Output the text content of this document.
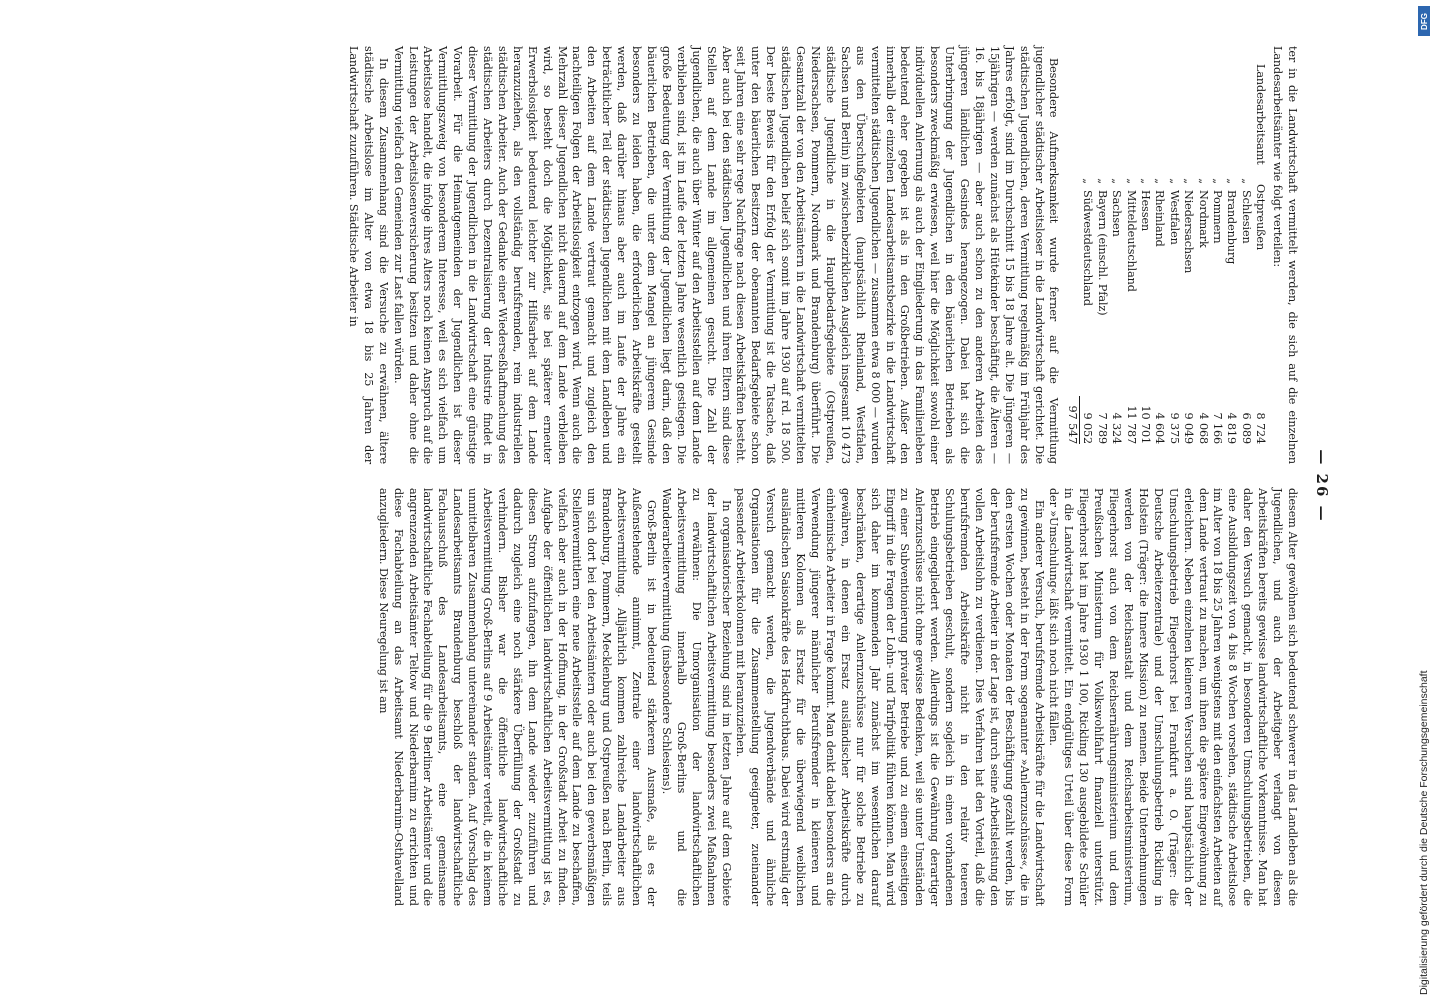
— 26 —

ter in die Landwirtschaft vermittelt werden, die sich auf die einzelnen Landesarbeitsämter wie folgt verteilen:

LandesarbeitsamtOstpreußen
8 724
„Schlesien
6 089
„Brandenburg
4 819
„Pommern
7 166
„Nordmark
4 068
„Niedersachsen
9 049
„Westfalen
9 375
„Rheinland
4 604
„Hessen
10 701
„Mitteldeutschland
11 787
„Sachsen
4 324
„Bayern (einschl. Pfalz)
7 789
„Südwestdeutschland
9 052
97 547

Besondere Aufmerksamkeit wurde ferner auf die Vermittlung jugendlicher städtischer Arbeitsloser in die Landwirtschaft gerichtet. Die städtischen Jugendlichen, deren Vermittlung regelmäßig im Frühjahr des Jahres erfolgt, sind im Durchschnitt 15 bis 18 Jahre alt. Die Jüngeren — 15jährigen — werden zunächst als Hütekinder beschäftigt, die Älteren — 16. bis 18jährigen — aber auch schon zu den anderen Arbeiten des jüngeren ländlichen Gesindes herangezogen. Dabei hat sich die Unterbringung der Jugendlichen in den bäuerlichen Betrieben als besonders zweckmäßig erwiesen, weil hier die Möglichkeit sowohl einer individuellen Anlernung als auch der Eingliederung in das Familienleben bedeutend eher gegeben ist als in den Großbetrieben. Außer den innerhalb der einzelnen Landesarbeitsamtsbezirke in die Landwirtschaft vermittelten städtischen Jugendlichen — zusammen etwa 8 000 — wurden aus den Überschußgebieten (hauptsächlich Rheinland, Westfalen, Sachsen und Berlin) im zwischenbezirklichen Ausgleich insgesamt 10 473 städtische Jugendliche in die Hauptbedarfsgebiete (Ostpreußen, Niedersachsen, Pommern, Nordmark und Brandenburg) überführt. Die Gesamtzahl der von den Arbeitsämtern in die Landwirtschaft vermittelten städtischen Jugendlichen belief sich somit im Jahre 1930 auf rd. 18 500. Der beste Beweis für den Erfolg der Vermittlung ist die Tatsache, daß unter den bäuerlichen Besitzern der obenannten Bedarfsgebiete schon seit Jahren eine sehr rege Nachfrage nach diesen Arbeitskräften besteht. Aber auch bei den städtischen Jugendlichen und ihren Eltern sind diese Stellen auf dem Lande im allgemeinen gesucht. Die Zahl der Jugendlichen, die auch über Winter auf den Arbeitsstellen auf dem Lande verblieben sind, ist im Laufe der letzten Jahre wesentlich gestiegen. Die große Bedeutung der Vermittlung der Jugendlichen liegt darin, daß den bäuerlichen Betrieben, die unter dem Mangel an jüngerem Gesinde besonders zu leiden haben, die erforderlichen Arbeitskräfte gestellt werden, daß darüber hinaus aber auch im Laufe der Jahre ein beträchtlicher Teil der städtischen Jugendlichen mit dem Landleben und den Arbeiten auf dem Lande vertraut gemacht und zugleich den nachteiligen Folgen der Arbeitslosigkeit entzogen wird. Wenn auch die Mehrzahl dieser Jugendlichen nicht dauernd auf dem Lande verbleiben wird, so besteht doch die Möglichkeit, sie bei späterer erneuter Erwerbslosigkeit bedeutend leichter zur Hilfsarbeit auf dem Lande heranzuziehen, als den vollständig berufsfremden, rein industriellen städtischen Arbeiter. Auch der Gedanke einer Wiederseßhaftmachung des städtischen Arbeiters durch Dezentralisierung der Industrie findet in dieser Vermittlung der Jugendlichen in die Landwirtschaft eine günstige Vorarbeit. Für die Heimatgemeinden der Jugendlichen ist dieser Vermittlungszweig von besonderem Interesse, weil es sich vielfach um Arbeitslose handelt, die infolge ihres Alters noch keinen Anspruch auf die Leistungen der Arbeitslosenversicherung besitzen und daher ohne die Vermittlung vielfach den Gemeinden zur Last fallen würden.

In diesem Zusammenhang sind die Versuche zu erwähnen, ältere städtische Arbeitslose im Alter von etwa 18 bis 25 Jahren der Landwirtschaft zuzuführen. Städtische Arbeiter in

diesem Alter gewöhnen sich bedeutend schwerer in das Landleben als die Jugendlichen, und auch der Arbeitgeber verlangt von diesen Arbeitskräften bereits gewisse landwirtschaftliche Vorkenntnisse. Man hat daher den Versuch gemacht, in besonderen Umschulungsbetrieben, die eine Ausbildungszeit von 4 bis 8 Wochen vorsehen, städtische Arbeitslose im Alter von 18 bis 25 Jahren wenigstens mit den einfachsten Arbeiten auf dem Lande vertraut zu machen, um ihnen die spätere Eingewöhnung zu erleichtern. Neben einzelnen kleineren Versuchen sind hauptsächlich der Umschulungsbetrieb Fliegerhorst bei Frankfurt a. O. (Träger: die Deutsche Arbeiterzentrale) und der Umschulungsbetrieb Rickling in Holstein (Träger: die Innere Mission) zu nennen. Beide Unternehmungen werden von der Reichsanstalt und dem Reichsarbeitsministerium, Fliegerhorst auch von dem Reichsernährungsministerium und dem Preußischen Ministerium für Volkswohlfahrt finanziell unterstützt. Fliegerhorst hat im Jahre 1930 1 100, Rickling 130 ausgebildete Schüler in die Landwirtschaft vermittelt. Ein endgültiges Urteil über diese Form der »Umschulung« läßt sich noch nicht fällen.

Ein anderer Versuch, berufsfremde Arbeitskräfte für die Landwirtschaft zu gewinnen, besteht in der Form sogenannter »Anlernzuschüsse«, die in den ersten Wochen oder Monaten der Beschäftigung gezahlt werden, bis der berufsfremde Arbeiter in der Lage ist, durch seine Arbeitsleistung den vollen Arbeitslohn zu verdienen. Dies Verfahren hat den Vorteil, daß die berufsfremden Arbeitskräfte nicht in den relativ teueren Schulungsbetrieben geschult, sondern sogleich in einen vorhandenen Betrieb eingegliedert werden. Allerdings ist die Gewährung derartiger Anlernzuschüsse nicht ohne gewisse Bedenken, weil sie unter Umständen zu einer Subventionierung privater Betriebe und zu einem einseitigen Eingriff in die Fragen der Lohn- und Tarifpolitik führen können. Man wird sich daher im kommenden Jahr zunächst im wesentlichen darauf beschränken, derartige Anlernzuschüsse nur für solche Betriebe zu gewähren, in denen ein Ersatz ausländischer Arbeitskräfte durch einheimische Arbeiter in Frage kommt. Man denkt dabei besonders an die Verwendung jüngerer männlicher Berufsfremder in kleineren und mittleren Kolonnen als Ersatz für die überwiegend weiblichen ausländischen Saisonkräfte des Hackfruchtbaus. Dabei wird erstmalig der Versuch gemacht werden, die Jugendverbände und ähnliche Organisationen für die Zusammenstellung geeigneter, zueinander passender Arbeiterkolonnen mit heranzuziehen.

In organisatorischer Beziehung sind im letzten Jahre auf dem Gebiete der landwirtschaftlichen Arbeitsvermittlung besonders zwei Maßnahmen zu erwähnen: Die Umorganisation der landwirtschaftlichen Arbeitsvermittlung innerhalb Groß-Berlins und die Wanderarbeitervermittlung (insbesondere Schlesiens).

Groß-Berlin ist in bedeutend stärkerem Ausmaße, als es der Außenstehende annimmt, Zentrale einer landwirtschaftlichen Arbeitsvermittlung. Alljährlich kommen zahlreiche Landarbeiter aus Brandenburg, Pommern, Mecklenburg und Ostpreußen nach Berlin, teils um sich dort bei den Arbeitsämtern oder auch bei den gewerbsmäßigen Stellenvermittlern eine neue Arbeitsstelle auf dem Lande zu beschaffen, vielfach aber auch in der Hoffnung, in der Großstadt Arbeit zu finden. Aufgabe der öffentlichen landwirtschaftlichen Arbeitsvermittlung ist es, diesen Strom aufzufangen, ihn dem Lande wieder zuzuführen und dadurch zugleich eine noch stärkere Überfüllung der Großstadt zu verhindern. Bisher war die öffentliche landwirtschaftliche Arbeitsvermittlung Groß-Berlins auf 9 Arbeitsämter verteilt, die in keinem unmittelbaren Zusammenhang untereinander standen. Auf Vorschlag des Landesarbeitsamts Brandenburg beschloß der landwirtschaftliche Fachausschuß des Landesarbeitsamts, eine gemeinsame landwirtschaftliche Fachabteilung für die 9 Berliner Arbeitsämter und die angrenzenden Arbeitsämter Teltow und Niederbarnim zu errichten und diese Fachabteilung an das Arbeitsamt Niederbarnim-Osthavelland anzugliedern. Diese Neuregelung ist am

DFG
Digitalisierung gefördert durch die Deutsche Forschungsgemeinschaft
